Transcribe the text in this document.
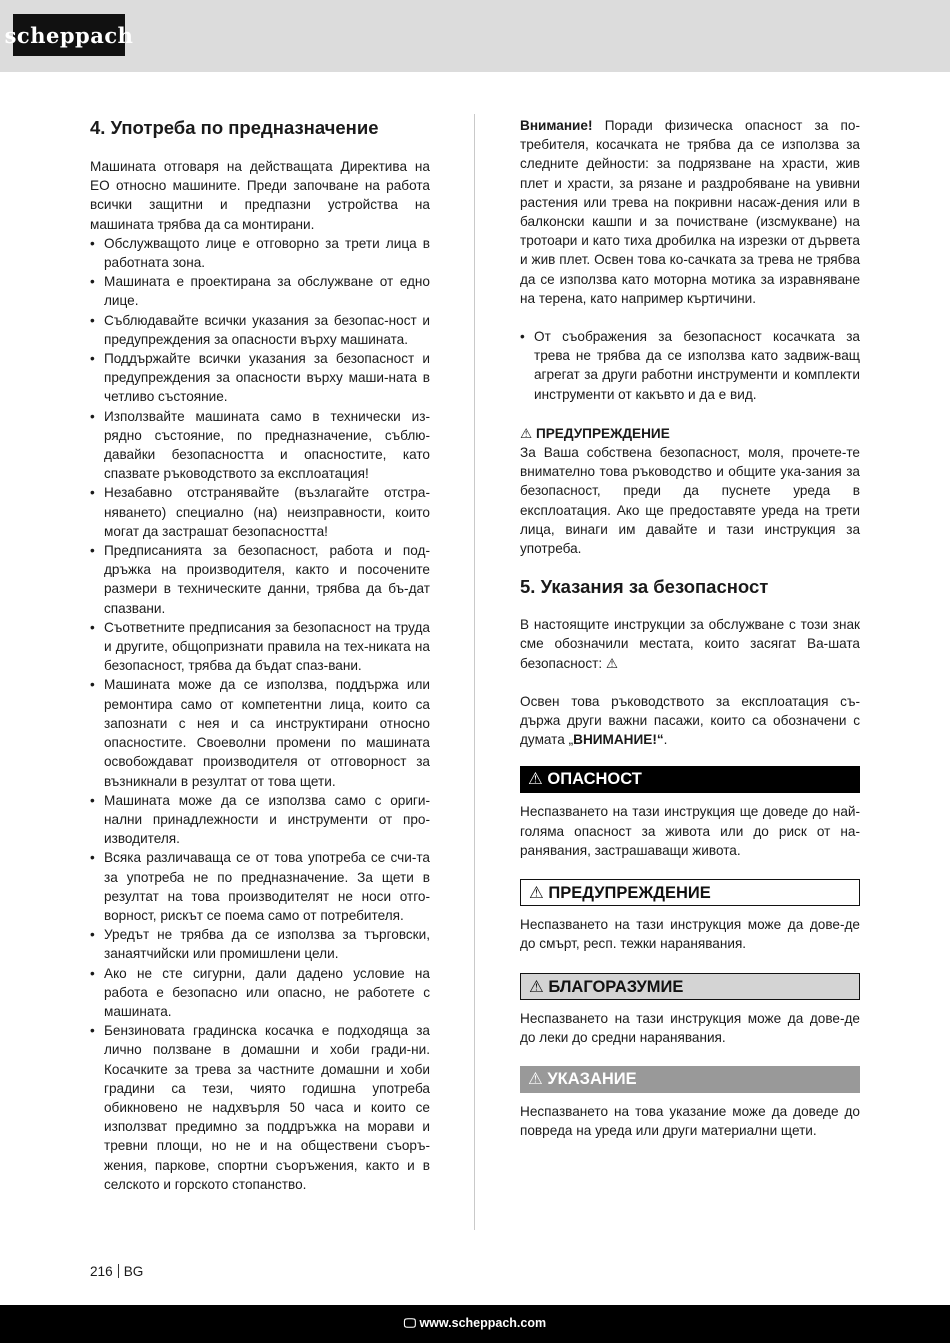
scheppach
4. Употреба по предназначение

Машината отговаря на действащата Директива на ЕО относно машините. Преди започване на работа всички защитни и предпазни устройства на машината трябва да са монтирани.

• Обслужващото лице е отговорно за трети лица в работната зона.
• Машината е проектирана за обслужване от едно лице.
• Съблюдавайте всички указания за безопас-ност и предупреждения за опасности върху машината.
• Поддържайте всички указания за безопасност и предупреждения за опасности върху маши-ната в четливо състояние.
• Използвайте машината само в технически из-рядно състояние, по предназначение, съблю-давайки безопасността и опасностите, като спазвате ръководството за експлоатация!
• Незабавно отстранявайте (възлагайте отстра-няването) специално (на) неизправности, които могат да застрашат безопасността!
• Предписанията за безопасност, работа и под-дръжка на производителя, както и посочените размери в техническите данни, трябва да бъ-дат спазвани.
• Съответните предписания за безопасност на труда и другите, общопризнати правила на тех-никата на безопасност, трябва да бъдат спаз-вани.
• Машината може да се използва, поддържа или ремонтира само от компетентни лица, които са запознати с нея и са инструктирани относно опасностите. Своеволни промени по машината освобождават производителя от отговорност за възникнали в резултат от това щети.
• Машината може да се използва само с ориги-нални принадлежности и инструменти от про-изводителя.
• Всяка различаваща се от това употреба се счи-та за употреба не по предназначение. За щети в резултат на това производителят не носи отго-ворност, рискът се поема само от потребителя.
• Уредът не трябва да се използва за търговски, занаятчийски или промишлени цели.
• Ако не сте сигурни, дали дадено условие на работа е безопасно или опасно, не работете с машината.
• Бензиновата градинска косачка е подходяща за лично ползване в домашни и хоби гради-ни. Косачките за трева за частните домашни и хоби градини са тези, чиято годишна употреба обикновено не надхвърля 50 часа и които се използват предимно за поддръжка на морави и тревни площи, но не и на обществени съоръ-жения, паркове, спортни съоръжения, както и в селското и горското стопанство.

Внимание! Поради физическа опасност за по-требителя, косачката не трябва да се използва за следните дейности: за подрязване на храсти, жив плет и храсти, за рязане и раздробяване на увивни растения или трева на покривни насаж-дения или в балконски кашпи и за почистване (изсмукване) на тротоари и като тиха дробилка на изрезки от дървета и жив плет. Освен това ко-сачката за трева не трябва да се използва като моторна мотика за изравняване на терена, като например къртичини.

• От съображения за безопасност косачката за трева не трябва да се използва като задвиж-ващ агрегат за други работни инструменти и комплекти инструменти от какъвто и да е вид.
⚠ ПРЕДУПРЕЖДЕНИЕ

За Ваша собствена безопасност, моля, прочете-те внимателно това ръководство и общите ука-зания за безопасност, преди да пуснете уреда в експлоатация. Ако ще предоставяте уреда на трети лица, винаги им давайте и тази инструкция за употреба.

5. Указания за безопасност

В настоящите инструкции за обслужване с този знак сме обозначили местата, които засягат Ва-шата безопасност: ⚠

Освен това ръководството за експлоатация съ-държа други важни пасажи, които са обозначени с думата „ВНИМАНИЕ!“.

⚠ ОПАСНОСТ

Неспазването на тази инструкция ще доведе до най-голяма опасност за живота или до риск от на-ранявания, застрашаващи живота.

⚠ ПРЕДУПРЕЖДЕНИЕ

Неспазването на тази инструкция може да дове-де до смърт, респ. тежки наранявания.

⚠ БЛАГОРАЗУМИЕ

Неспазването на тази инструкция може да дове-де до леки до средни наранявания.

⚠ УКАЗАНИЕ

Неспазването на това указание може да доведе до повреда на уреда или други материални щети.

216 BG
🖵 www.scheppach.com
